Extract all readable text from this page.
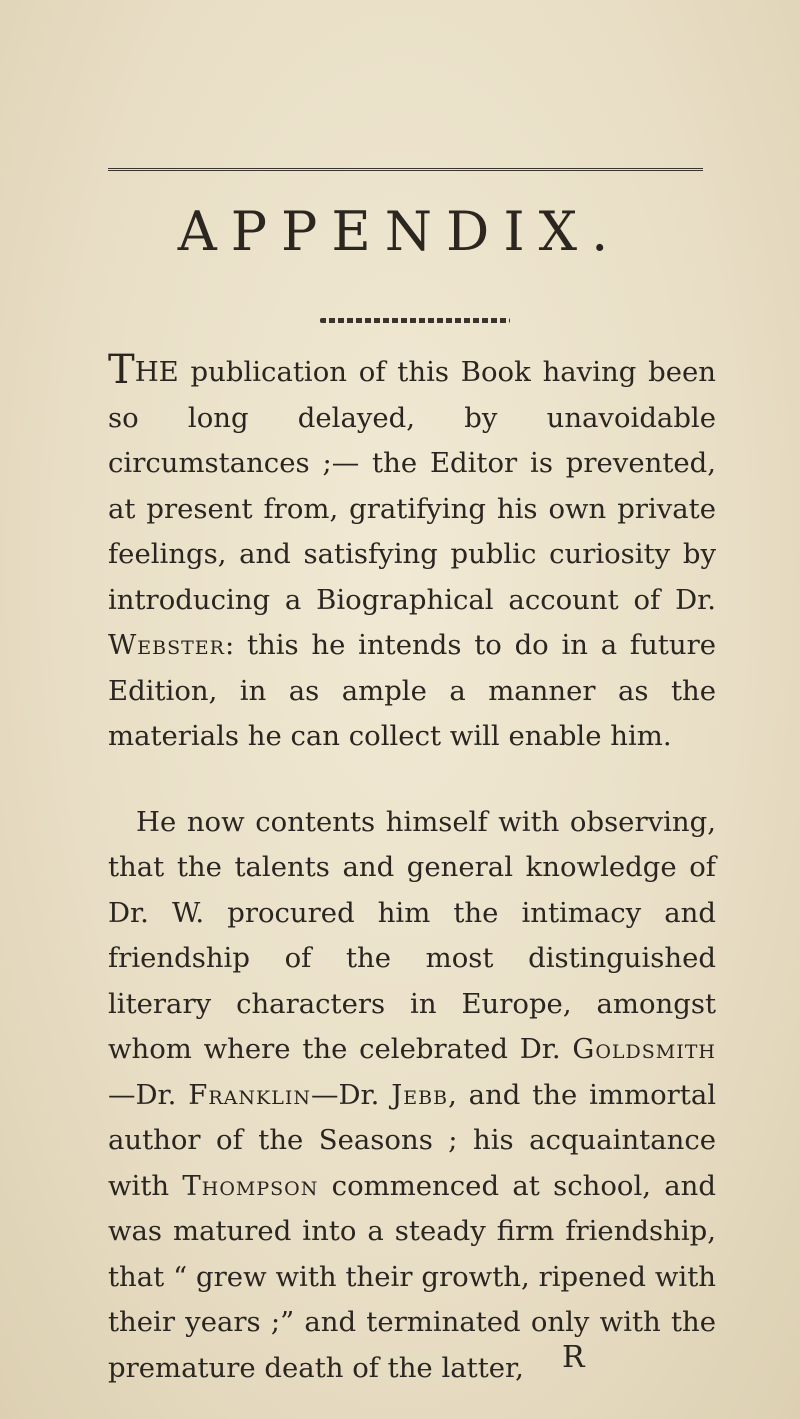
APPENDIX.

THE publication of this Book having been so long delayed, by unavoidable circumstances ;— the Editor is prevented, at present from, gratifying his own private feelings, and satisfying public curiosity by introducing a Biographical account of Dr. Webster: this he intends to do in a future Edition, in as ample a manner as the materials he can collect will enable him.

He now contents himself with observing, that the talents and general knowledge of Dr. W. procured him the intimacy and friendship of the most distinguished literary characters in Europe, amongst whom where the celebrated Dr. Goldsmith—Dr. Franklin—Dr. Jebb, and the immortal author of the Seasons ; his acquaintance with Thompson commenced at school, and was matured into a steady firm friendship, that “ grew with their growth, ripened with their years ;” and terminated only with the premature death of the latter,	R
